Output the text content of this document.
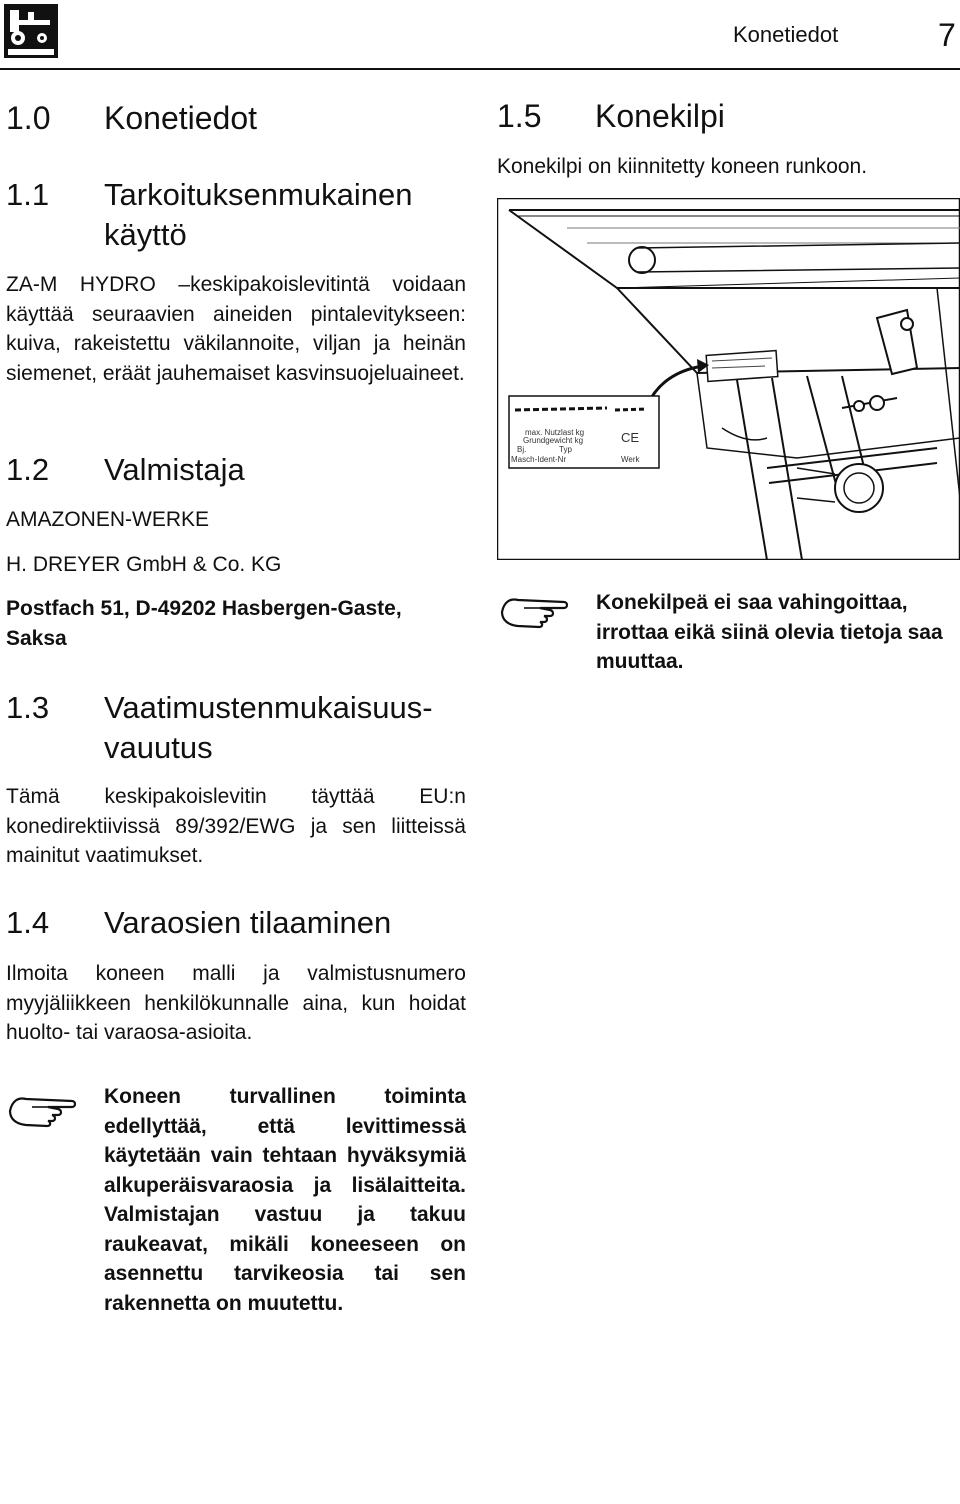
Konetiedot	7
1.0 Konetiedot
1.1 Tarkoituksenmukainen
käyttö
ZA-M HYDRO –keskipakoislevitintä voidaan käyttää seuraavien aineiden pintalevitykseen: kuiva, rakeistettu väkilannoite, viljan ja heinän siemenet, eräät jauhemaiset kasvinsuojeluaineet.
1.2 Valmistaja
AMAZONEN-WERKE
H. DREYER GmbH & Co. KG
Postfach 51, D-49202 Hasbergen-Gaste,
Saksa
1.3 Vaatimustenmukaisuus-
vauutus
Tämä keskipakoislevitin täyttää EU:n konedirektiivissä 89/392/EWG ja sen liitteissä mainitut vaatimukset.
1.4 Varaosien tilaaminen
Ilmoita koneen malli ja valmistusnumero myyjäliikkeen henkilökunnalle aina, kun hoidat huolto- tai varaosa-asioita.
Koneen turvallinen toiminta edellyttää, että levittimessä käytetään vain tehtaan hyväksymiä alkuperäisvaraosia ja lisälaitteita. Valmistajan vastuu ja takuu raukeavat, mikäli koneeseen on asennettu tarvikeosia tai sen rakennetta on muutettu.
1.5 Konekilpi
Konekilpi on kiinnitetty koneen runkoon.
max. Nutzlast kg
Grundgewicht kg
Bj.	Typ
Masch-Ident-Nr	Werk
CE
Konekilpeä ei saa vahingoittaa, irrottaa eikä siinä olevia tietoja saa muuttaa.
